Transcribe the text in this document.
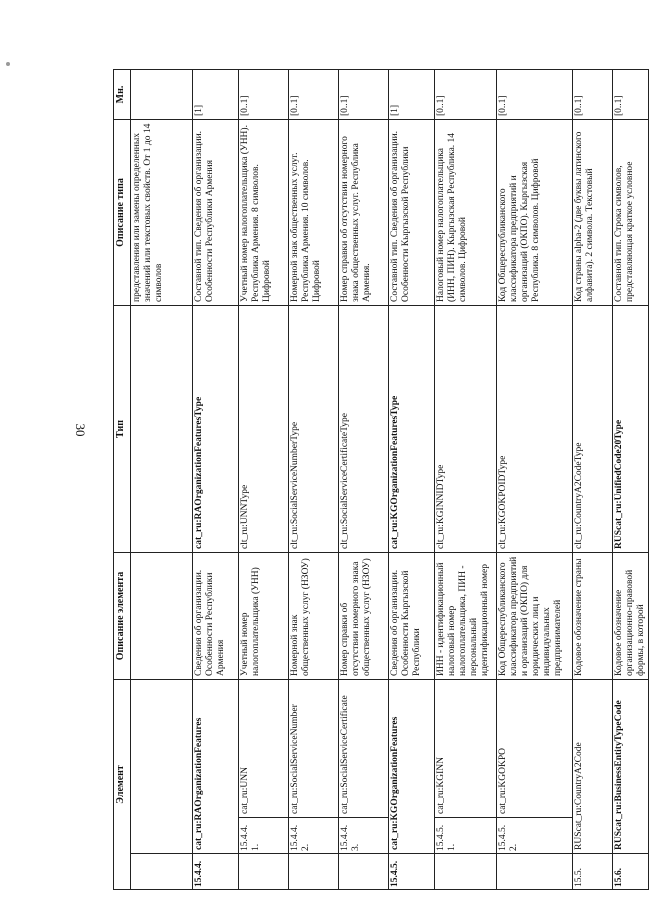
30
Элемент			Описание элемента	Тип	Описание типа	Мн.
					представления или замены определенных значений или текстовых свойств. От 1 до 14 символов	
15.4.4.	cat_ru:RAOrganizationFeatures		Сведения об организации. Особенности Республики Армения	cat_ru:RAOrganizationFeaturesType	Составной тип. Сведения об организации. Особенности Республики Армения	[1]
	15.4.4.1.	cat_ru:UNN	Учетный номер налогоплательщика (УНН)	clt_ru:UNNType	Учетный номер налогоплательщика (УНН). Республика Армения. 8 символов. Цифровой	[0..1]
	15.4.4.2.	cat_ru:SocialServiceNumber	Номерной знак общественных услуг (НЗОУ)	clt_ru:SocialServiceNumberType	Номерной знак общественных услуг. Республика Армения. 10 символов. Цифровой	[0..1]
	15.4.4.3.	cat_ru:SocialServiceCertificate	Номер справки об отсутствии номерного знака общественных услуг (НЗОУ)	clt_ru:SocialServiceCertificateType	Номер справки об отсутствии номерного знака общественных услуг. Республика Армения.	[0..1]
15.4.5.	cat_ru:KGOrganizationFeatures		Сведения об организации. Особенности Кыргызской Республики	cat_ru:KGOrganizationFeaturesType	Составной тип. Сведения об организации. Особенности Кыргызской Республики	[1]
	15.4.5.1.	cat_ru:KGINN	ИНН - идентификационный налоговый номер налогоплательщика, ПИН - персональный идентификационный номер	clt_ru:KGINNIDType	Налоговый номер налогоплательщика (ИНН, ПИН). Кыргызская Республика. 14 символов. Цифровой	[0..1]
	15.4.5.2.	cat_ru:KGOKPO	Код Общереспубликанского классификатора предприятий и организаций (ОКПО) для юридических лиц и индивидуальных предпринимателей	clt_ru:KGOKPOIDType	Код Общереспубликанского классификатора предприятий и организаций (ОКПО). Кыргызская Республика. 8 символов. Цифровой	[0..1]
15.5.	RUScat_ru:CountryA2Code		Кодовое обозначение страны	clt_ru:CountryA2CodeType	Код страны alpha-2 (две буквы латинского алфавита). 2 символа. Текстовый	[0..1]
15.6.	RUScat_ru:BusinessEntityTypeCode		Кодовое обозначение организационно-правовой формы, в которой	RUScat_ru:UnifiedCode20Type	Составной тип. Строка символов, представляющая краткое условное	[0..1]
